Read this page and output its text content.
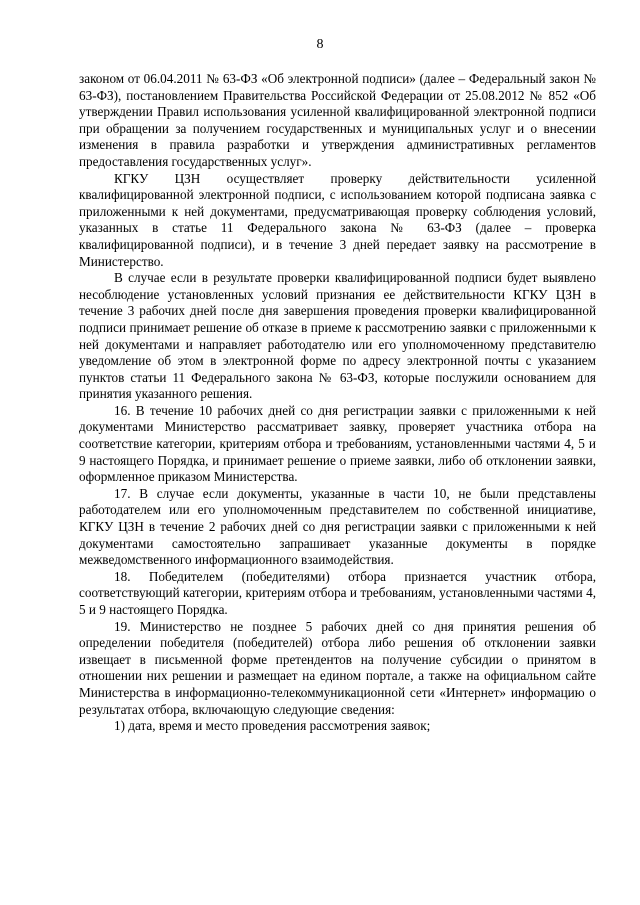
8

законом от 06.04.2011 № 63-ФЗ «Об электронной подписи» (далее – Федеральный закон № 63-ФЗ), постановлением Правительства Российской Федерации от 25.08.2012 № 852 «Об утверждении Правил использования усиленной квалифицированной электронной подписи при обращении за получением государственных и муниципальных услуг и о внесении изменения в правила разработки и утверждения административных регламентов предоставления государственных услуг».

КГКУ ЦЗН осуществляет проверку действительности усиленной квалифицированной электронной подписи, с использованием которой подписана заявка с приложенными к ней документами, предусматривающая проверку соблюдения условий, указанных в статье 11 Федерального закона № 63-ФЗ (далее – проверка квалифицированной подписи), и в течение 3 дней передает заявку на рассмотрение в Министерство.

В случае если в результате проверки квалифицированной подписи будет выявлено несоблюдение установленных условий признания ее действительности КГКУ ЦЗН в течение 3 рабочих дней после дня завершения проведения проверки квалифицированной подписи принимает решение об отказе в приеме к рассмотрению заявки с приложенными к ней документами и направляет работодателю или его уполномоченному представителю уведомление об этом в электронной форме по адресу электронной почты с указанием пунктов статьи 11 Федерального закона № 63-ФЗ, которые послужили основанием для принятия указанного решения.

16. В течение 10 рабочих дней со дня регистрации заявки с приложенными к ней документами Министерство рассматривает заявку, проверяет участника отбора на соответствие категории, критериям отбора и требованиям, установленными частями 4, 5 и 9 настоящего Порядка, и принимает решение о приеме заявки, либо об отклонении заявки, оформленное приказом Министерства.

17. В случае если документы, указанные в части 10, не были представлены работодателем или его уполномоченным представителем по собственной инициативе, КГКУ ЦЗН в течение 2 рабочих дней со дня регистрации заявки с приложенными к ней документами самостоятельно запрашивает указанные документы в порядке межведомственного информационного взаимодействия.

18. Победителем (победителями) отбора признается участник отбора, соответствующий категории, критериям отбора и требованиям, установленными частями 4, 5 и 9 настоящего Порядка.

19. Министерство не позднее 5 рабочих дней со дня принятия решения об определении победителя (победителей) отбора либо решения об отклонении заявки извещает в письменной форме претендентов на получение субсидии о принятом в отношении них решении и размещает на едином портале, а также на официальном сайте Министерства в информационно-телекоммуникационной сети «Интернет» информацию о результатах отбора, включающую следующие сведения:

1) дата, время и место проведения рассмотрения заявок;
